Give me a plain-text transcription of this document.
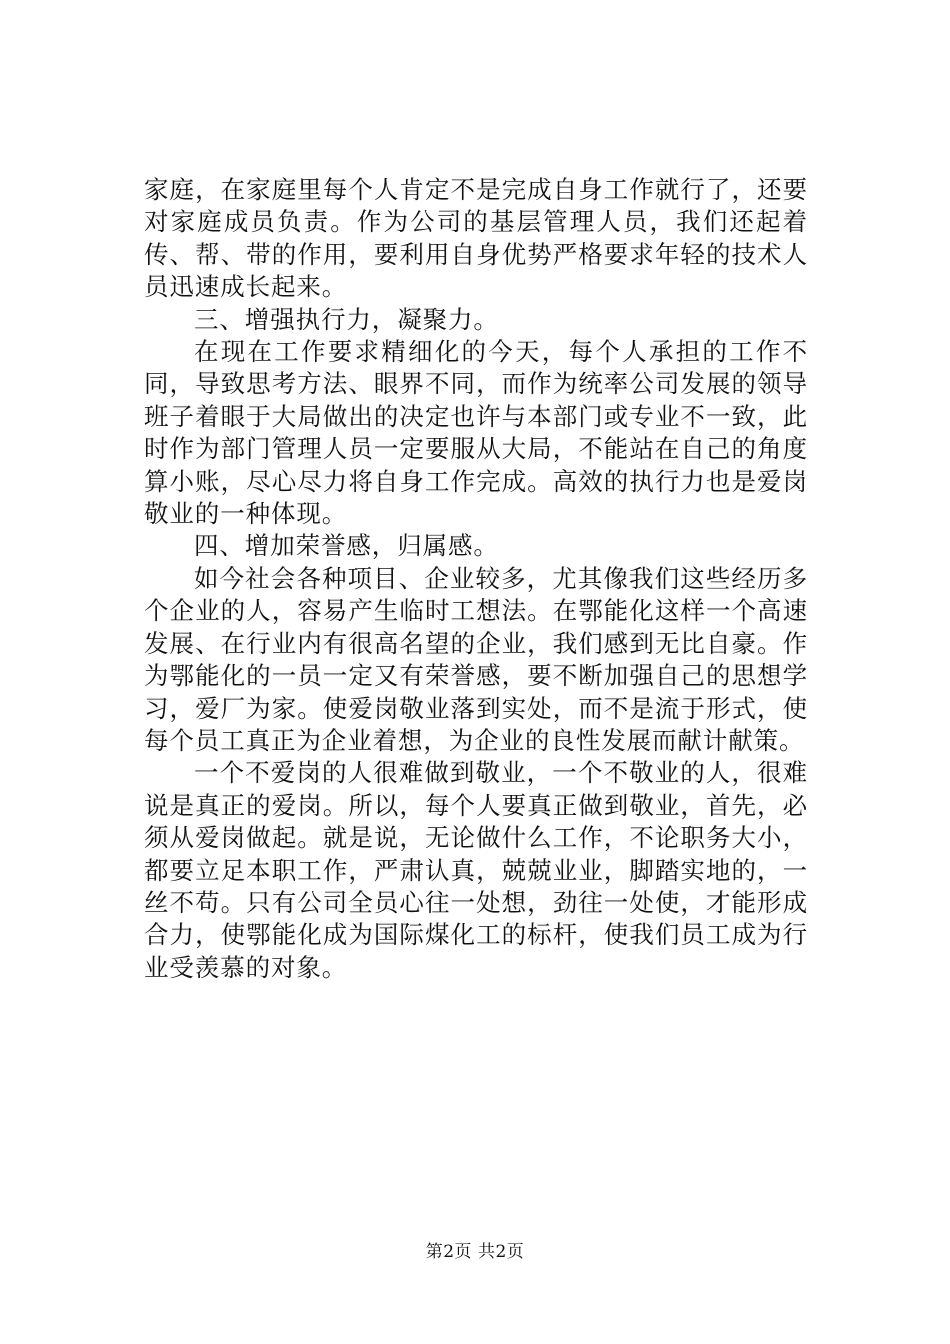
家庭，在家庭里每个人肯定不是完成自身工作就行了，还要对家庭成员负责。作为公司的基层管理人员，我们还起着传、帮、带的作用，要利用自身优势严格要求年轻的技术人员迅速成长起来。

三、增强执行力，凝聚力。

在现在工作要求精细化的今天，每个人承担的工作不同，导致思考方法、眼界不同，而作为统率公司发展的领导班子着眼于大局做出的决定也许与本部门或专业不一致，此时作为部门管理人员一定要服从大局，不能站在自己的角度算小账，尽心尽力将自身工作完成。高效的执行力也是爱岗敬业的一种体现。

四、增加荣誉感，归属感。

如今社会各种项目、企业较多，尤其像我们这些经历多个企业的人，容易产生临时工想法。在鄂能化这样一个高速发展、在行业内有很高名望的企业，我们感到无比自豪。作为鄂能化的一员一定又有荣誉感，要不断加强自己的思想学习，爱厂为家。使爱岗敬业落到实处，而不是流于形式，使每个员工真正为企业着想，为企业的良性发展而献计献策。

一个不爱岗的人很难做到敬业，一个不敬业的人，很难说是真正的爱岗。所以，每个人要真正做到敬业，首先，必须从爱岗做起。就是说，无论做什么工作，不论职务大小，都要立足本职工作，严肃认真，兢兢业业，脚踏实地的，一丝不苟。只有公司全员心往一处想，劲往一处使，才能形成合力，使鄂能化成为国际煤化工的标杆，使我们员工成为行业受羡慕的对象。

第2页 共2页
